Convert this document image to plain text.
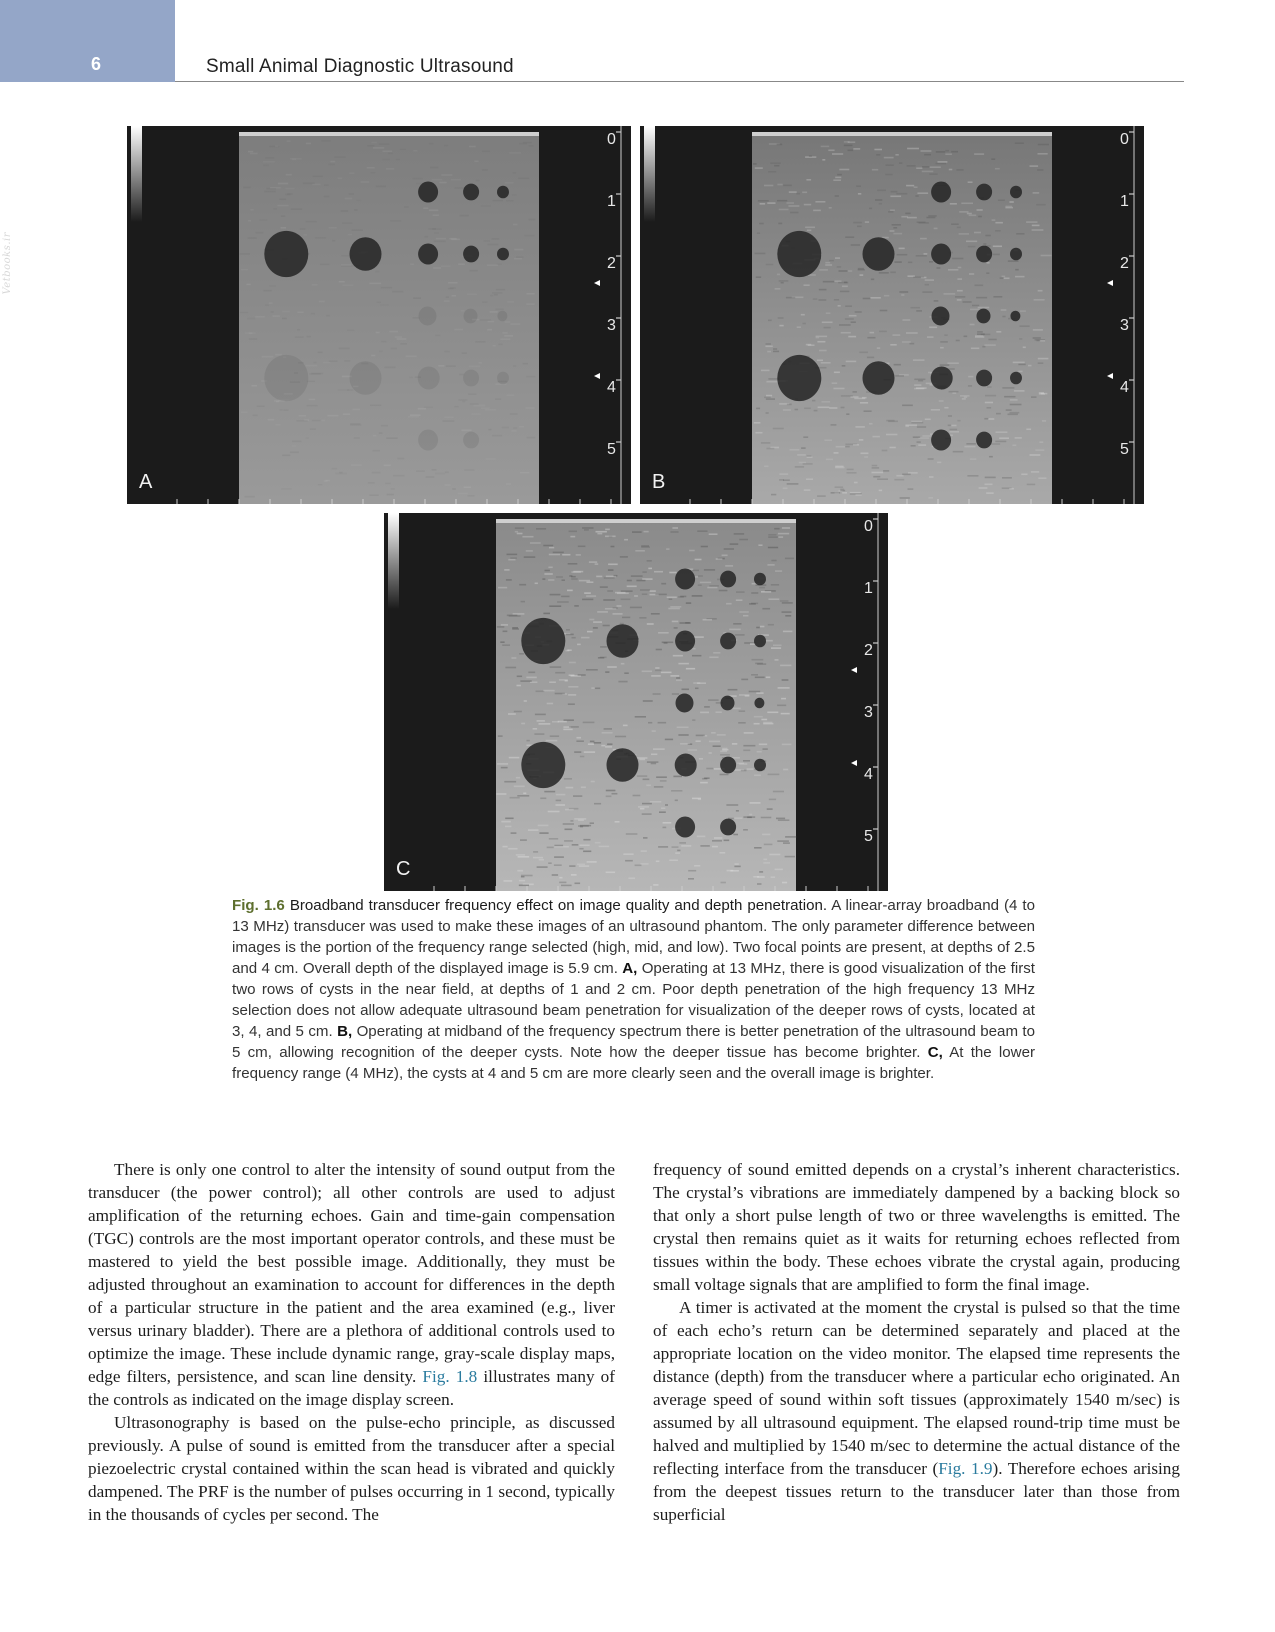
6	Small Animal Diagnostic Ultrasound
Vetbooks.ir
0
1
2
3
4
5
A
0
1
2
3
4
5
B
0
1
2
3
4
5
C
Fig. 1.6 Broadband transducer frequency effect on image quality and depth penetration. A linear-array broadband (4 to 13 MHz) transducer was used to make these images of an ultrasound phantom. The only parameter difference between images is the portion of the frequency range selected (high, mid, and low). Two focal points are present, at depths of 2.5 and 4 cm. Overall depth of the displayed image is 5.9 cm. A, Operating at 13 MHz, there is good visualization of the first two rows of cysts in the near field, at depths of 1 and 2 cm. Poor depth penetration of the high frequency 13 MHz selection does not allow adequate ultrasound beam penetration for visualization of the deeper rows of cysts, located at 3, 4, and 5 cm. B, Operating at midband of the frequency spectrum there is better penetration of the ultrasound beam to 5 cm, allowing recognition of the deeper cysts. Note how the deeper tissue has become brighter. C, At the lower frequency range (4 MHz), the cysts at 4 and 5 cm are more clearly seen and the overall image is brighter.

There is only one control to alter the intensity of sound output from the transducer (the power control); all other controls are used to adjust amplification of the returning echoes. Gain and time-gain compensation (TGC) controls are the most important operator controls, and these must be mastered to yield the best possible image. Additionally, they must be adjusted throughout an examination to account for differences in the depth of a particular structure in the patient and the area examined (e.g., liver versus urinary bladder). There are a plethora of additional controls used to optimize the image. These include dynamic range, gray-scale display maps, edge filters, persistence, and scan line density. Fig. 1.8 illustrates many of the controls as indicated on the image display screen.

Ultrasonography is based on the pulse-echo principle, as discussed previously. A pulse of sound is emitted from the transducer after a special piezoelectric crystal contained within the scan head is vibrated and quickly dampened. The PRF is the number of pulses occurring in 1 second, typically in the thousands of cycles per second. The

frequency of sound emitted depends on a crystal’s inherent characteristics. The crystal’s vibrations are immediately dampened by a backing block so that only a short pulse length of two or three wavelengths is emitted. The crystal then remains quiet as it waits for returning echoes reflected from tissues within the body. These echoes vibrate the crystal again, producing small voltage signals that are amplified to form the final image.

A timer is activated at the moment the crystal is pulsed so that the time of each echo’s return can be determined separately and placed at the appropriate location on the video monitor. The elapsed time represents the distance (depth) from the transducer where a particular echo originated. An average speed of sound within soft tissues (approximately 1540 m/sec) is assumed by all ultrasound equipment. The elapsed round-trip time must be halved and multiplied by 1540 m/sec to determine the actual distance of the reflecting interface from the transducer (Fig. 1.9). Therefore echoes arising from the deepest tissues return to the transducer later than those from superficial
